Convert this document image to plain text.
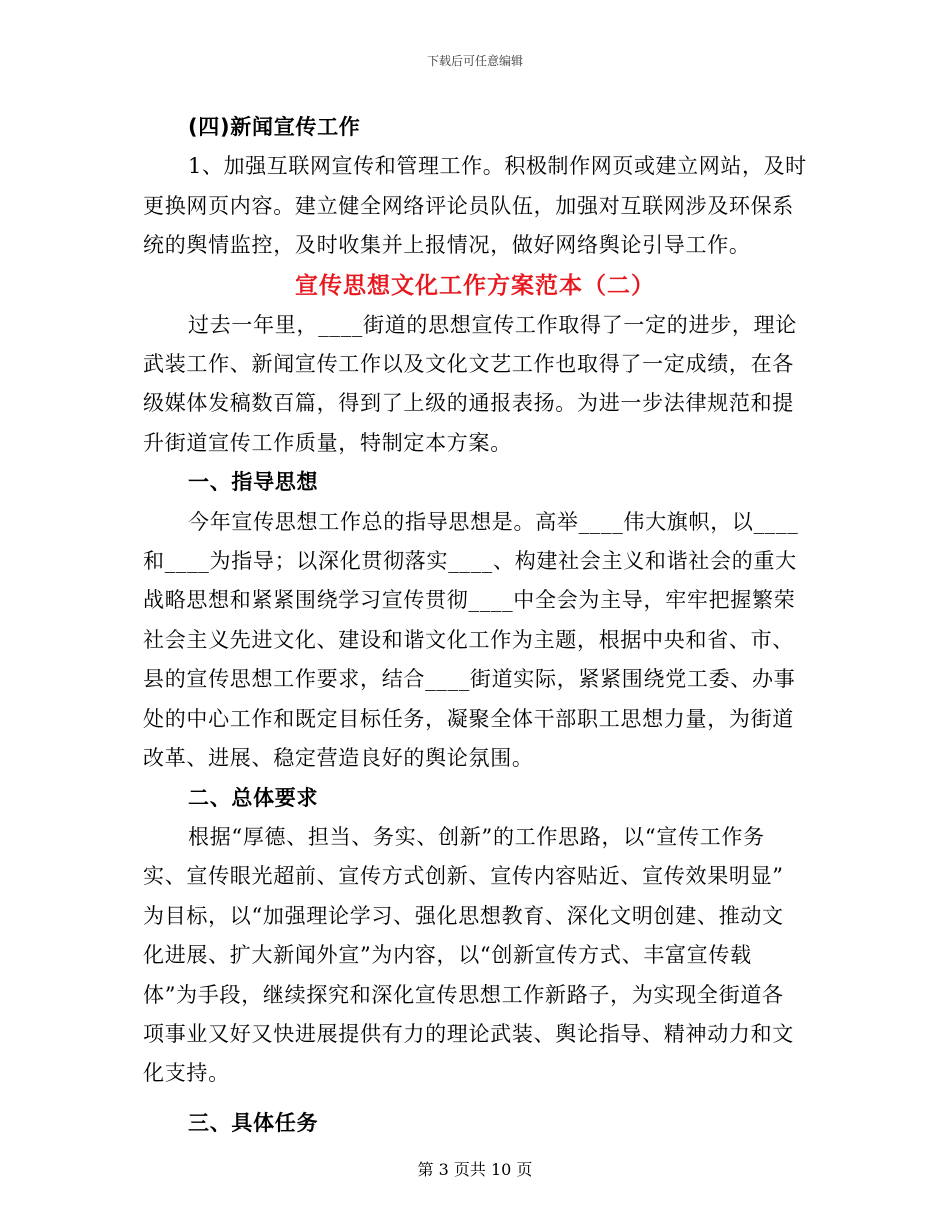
下载后可任意编辑
(四)新闻宣传工作
1、加强互联网宣传和管理工作。积极制作网页或建立网站，及时
更换网页内容。建立健全网络评论员队伍，加强对互联网涉及环保系
统的舆情监控，及时收集并上报情况，做好网络舆论引导工作。
宣传思想文化工作方案范本（二）
过去一年里，____街道的思想宣传工作取得了一定的进步，理论
武装工作、新闻宣传工作以及文化文艺工作也取得了一定成绩，在各
级媒体发稿数百篇，得到了上级的通报表扬。为进一步法律规范和提
升街道宣传工作质量，特制定本方案。
一、指导思想
今年宣传思想工作总的指导思想是。高举____伟大旗帜，以____
和____为指导；以深化贯彻落实____、构建社会主义和谐社会的重大
战略思想和紧紧围绕学习宣传贯彻____中全会为主导，牢牢把握繁荣
社会主义先进文化、建设和谐文化工作为主题，根据中央和省、市、
县的宣传思想工作要求，结合____街道实际，紧紧围绕党工委、办事
处的中心工作和既定目标任务，凝聚全体干部职工思想力量，为街道
改革、进展、稳定营造良好的舆论氛围。
二、总体要求
根据“厚德、担当、务实、创新”的工作思路，以“宣传工作务
实、宣传眼光超前、宣传方式创新、宣传内容贴近、宣传效果明显”
为目标，以“加强理论学习、强化思想教育、深化文明创建、推动文
化进展、扩大新闻外宣”为内容，以“创新宣传方式、丰富宣传载
体”为手段，继续探究和深化宣传思想工作新路子，为实现全街道各
项事业又好又快进展提供有力的理论武装、舆论指导、精神动力和文
化支持。
三、具体任务
第 3 页共 10 页
